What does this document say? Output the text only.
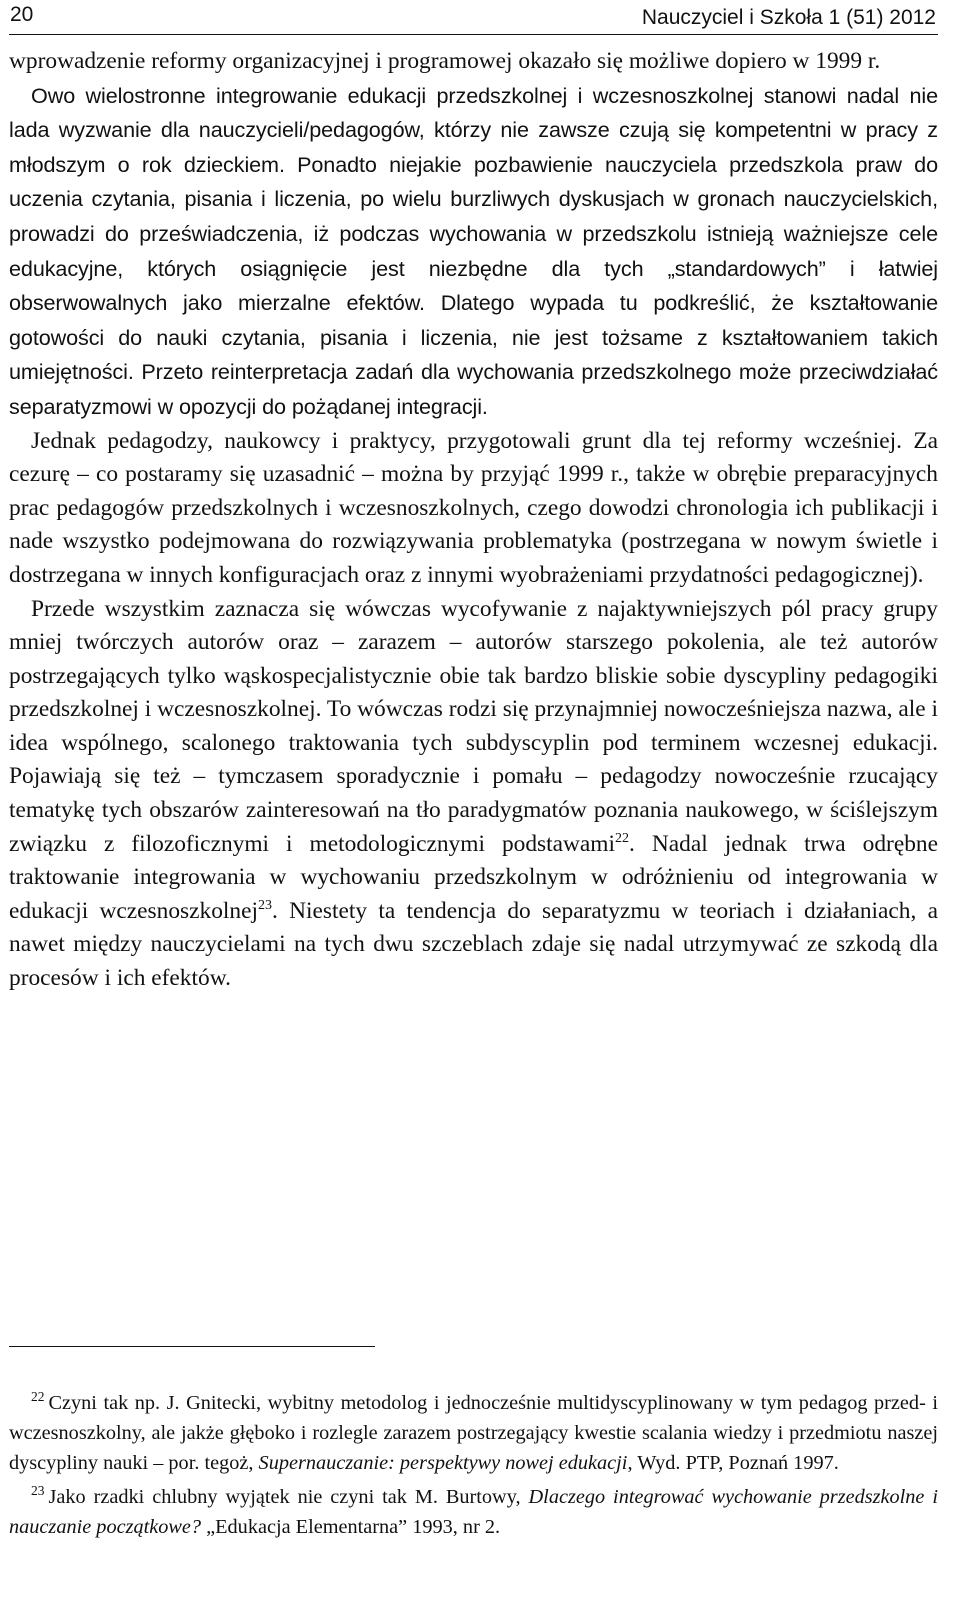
20	Nauczyciel i Szkoła 1 (51) 2012

wprowadzenie reformy organizacyjnej i programowej okazało się możliwe dopiero w 1999 r.

Owo wielostronne integrowanie edukacji przedszkolnej i wczesnoszkolnej stanowi nadal nie lada wyzwanie dla nauczycieli/pedagogów, którzy nie zawsze czują się kompetentni w pracy z młodszym o rok dzieckiem. Ponadto niejakie pozbawienie nauczyciela przedszkola praw do uczenia czytania, pisania i liczenia, po wielu burzliwych dyskusjach w gronach nauczycielskich, prowadzi do przeświadczenia, iż podczas wychowania w przedszkolu istnieją ważniejsze cele edukacyjne, których osiągnięcie jest niezbędne dla tych „standardowych” i łatwiej obserwowalnych jako mierzalne efektów. Dlatego wypada tu podkreślić, że kształtowanie gotowości do nauki czytania, pisania i liczenia, nie jest tożsame z kształtowaniem takich umiejętności. Przeto reinterpretacja zadań dla wychowania przedszkolnego może przeciwdziałać separatyzmowi w opozycji do pożądanej integracji.

Jednak pedagodzy, naukowcy i praktycy, przygotowali grunt dla tej reformy wcześniej. Za cezurę – co postaramy się uzasadnić – można by przyjąć 1999 r., także w obrębie preparacyjnych prac pedagogów przedszkolnych i wczesnoszkolnych, czego dowodzi chronologia ich publikacji i nade wszystko podejmowana do rozwiązywania problematyka (postrzegana w nowym świetle i dostrzegana w innych konfiguracjach oraz z innymi wyobrażeniami przydatności pedagogicznej).

Przede wszystkim zaznacza się wówczas wycofywanie z najaktywniejszych pól pracy grupy mniej twórczych autorów oraz – zarazem – autorów starszego pokolenia, ale też autorów postrzegających tylko wąskospecjalistycznie obie tak bardzo bliskie sobie dyscypliny pedagogiki przedszkolnej i wczesnoszkolnej. To wówczas rodzi się przynajmniej nowocześniejsza nazwa, ale i idea wspólnego, scalonego traktowania tych subdyscyplin pod terminem wczesnej edukacji. Pojawiają się też – tymczasem sporadycznie i pomału – pedagodzy nowocześnie rzucający tematykę tych obszarów zainteresowań na tło paradygmatów poznania naukowego, w ściślejszym związku z filozoficznymi i metodologicznymi podstawami$^{22}$. Nadal jednak trwa odrębne traktowanie integrowania w wychowaniu przedszkolnym w odróżnieniu od integrowania w edukacji wczesnoszkolnej$^{23}$. Niestety ta tendencja do separatyzmu w teoriach i działaniach, a nawet między nauczycielami na tych dwu szczeblach zdaje się nadal utrzymywać ze szkodą dla procesów i ich efektów.

$^{22}$ Czyni tak np. J. Gnitecki, wybitny metodolog i jednocześnie multidyscyplinowany w tym pedagog przed- i wczesnoszkolny, ale jakże głęboko i rozlegle zarazem postrzegający kwestie scalania wiedzy i przedmiotu naszej dyscypliny nauki – por. tegoż, Supernauczanie: perspektywy nowej edukacji, Wyd. PTP, Poznań 1997.

$^{23}$ Jako rzadki chlubny wyjątek nie czyni tak M. Burtowy, Dlaczego integrować wychowanie przedszkolne i nauczanie początkowe? „Edukacja Elementarna” 1993, nr 2.
